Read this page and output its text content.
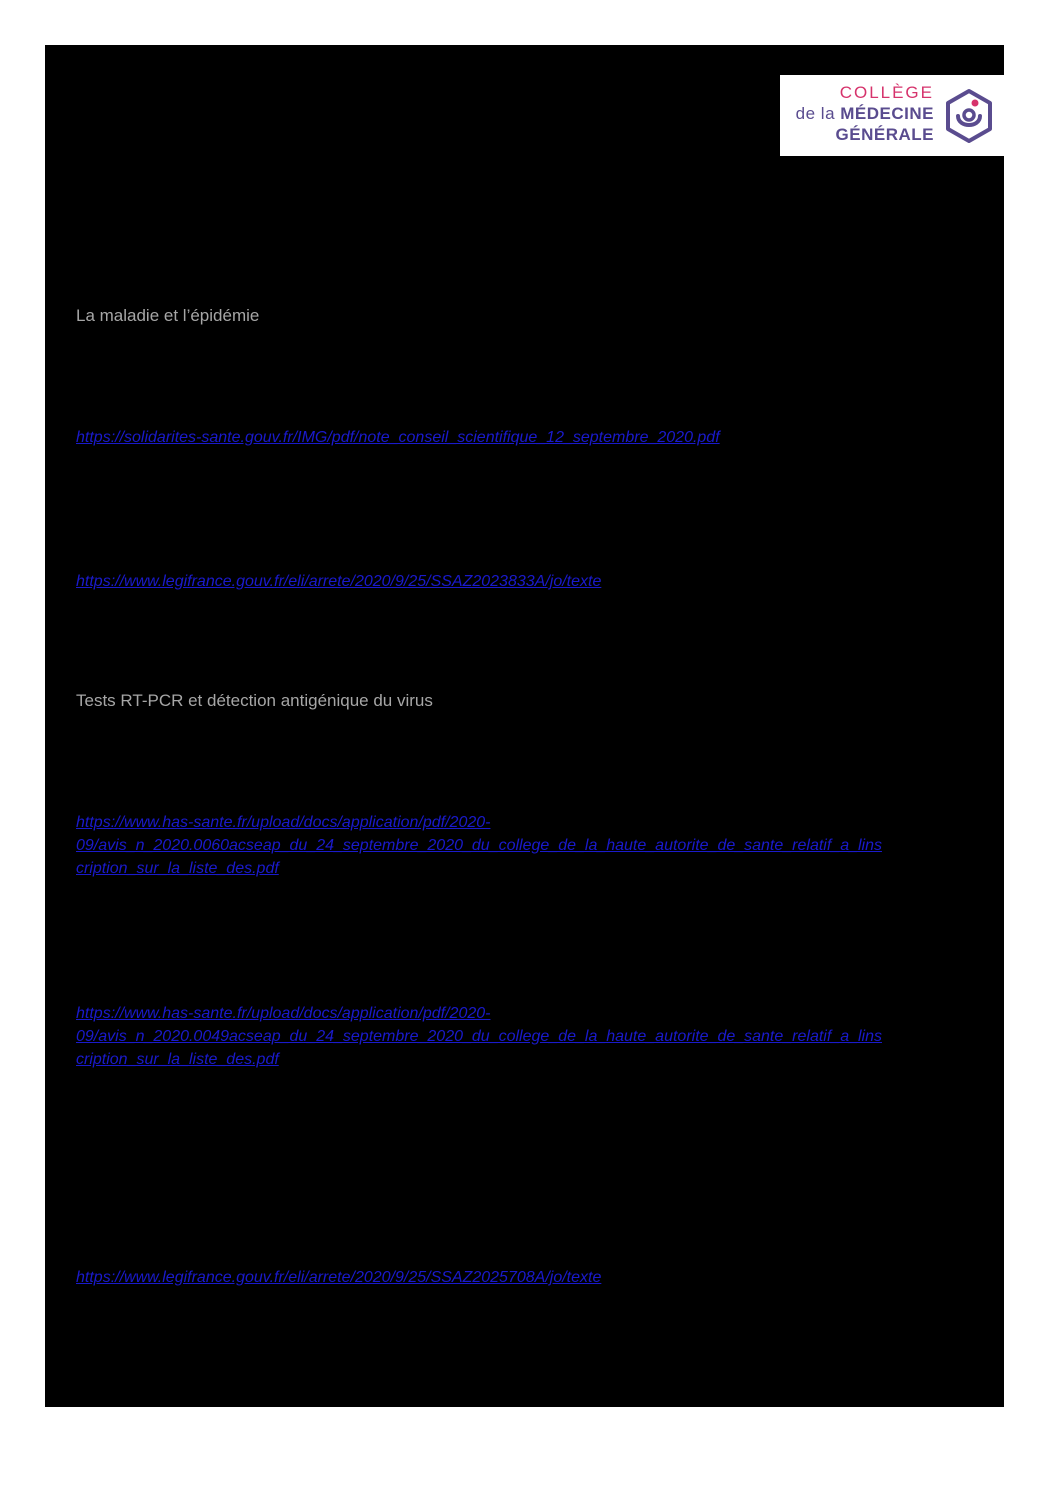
COLLÈGE
de la MÉDECINE
GÉNÉRALE
La maladie et l’épidémie
https://solidarites-sante.gouv.fr/IMG/pdf/note_conseil_scientifique_12_septembre_2020.pdf
https://www.legifrance.gouv.fr/eli/arrete/2020/9/25/SSAZ2023833A/jo/texte
Tests RT-PCR et détection antigénique du virus
https://www.has-sante.fr/upload/docs/application/pdf/2020-
09/avis_n_2020.0060acseap_du_24_septembre_2020_du_college_de_la_haute_autorite_de_sante_relatif_a_lins
cription_sur_la_liste_des.pdf
https://www.has-sante.fr/upload/docs/application/pdf/2020-
09/avis_n_2020.0049acseap_du_24_septembre_2020_du_college_de_la_haute_autorite_de_sante_relatif_a_lins
cription_sur_la_liste_des.pdf
https://www.legifrance.gouv.fr/eli/arrete/2020/9/25/SSAZ2025708A/jo/texte
